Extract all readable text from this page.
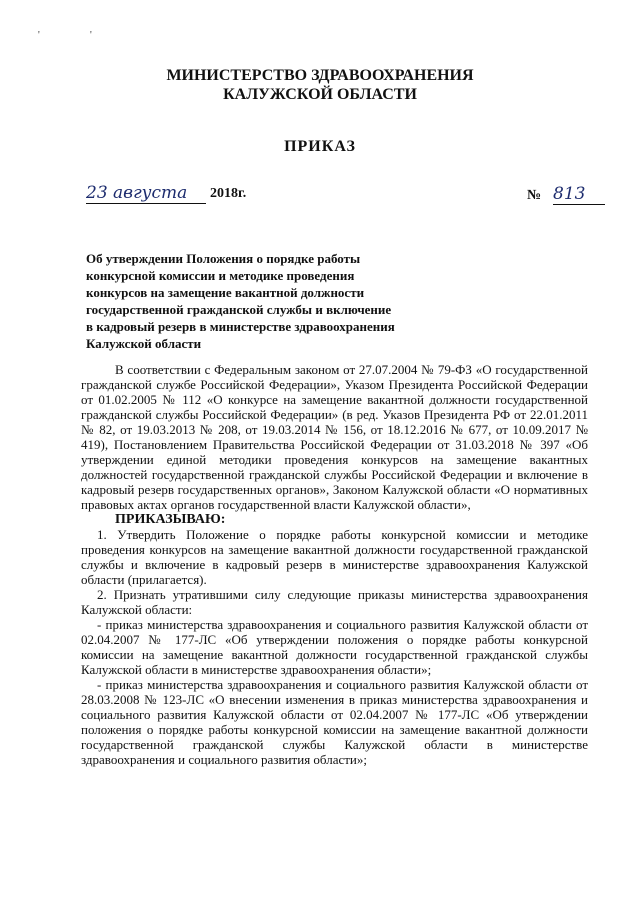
'	'
МИНИСТЕРСТВО ЗДРАВООХРАНЕНИЯ
КАЛУЖСКОЙ ОБЛАСТИ
ПРИКАЗ
23 августа	2018г.	№ 813
Об утверждении Положения о порядке работы конкурсной комиссии и методике проведения конкурсов на замещение вакантной должности государственной гражданской службы и включение в кадровый резерв в министерстве здравоохранения Калужской области

В соответствии с Федеральным законом от 27.07.2004 № 79-ФЗ «О государственной гражданской службе Российской Федерации», Указом Президента Российской Федерации от 01.02.2005 № 112 «О конкурсе на замещение вакантной должности государственной гражданской службы Российской Федерации» (в ред. Указов Президента РФ от 22.01.2011 № 82, от 19.03.2013 № 208, от 19.03.2014 № 156, от 18.12.2016 № 677, от 10.09.2017 № 419), Постановлением Правительства Российской Федерации от 31.03.2018 № 397 «Об утверждении единой методики проведения конкурсов на замещение вакантных должностей государственной гражданской службы Российской Федерации и включение в кадровый резерв государственных органов», Законом Калужской области «О нормативных правовых актах органов государственной власти Калужской области»,

ПРИКАЗЫВАЮ:

1. Утвердить Положение о порядке работы конкурсной комиссии и методике проведения конкурсов на замещение вакантной должности государственной гражданской службы и включение в кадровый резерв в министерстве здравоохранения Калужской области (прилагается).

2. Признать утратившими силу следующие приказы министерства здравоохранения Калужской области:

- приказ министерства здравоохранения и социального развития Калужской области от 02.04.2007 № 177-ЛС «Об утверждении положения о порядке работы конкурсной комиссии на замещение вакантной должности государственной гражданской службы Калужской области в министерстве здравоохранения области»;

- приказ министерства здравоохранения и социального развития Калужской области от 28.03.2008 № 123-ЛС «О внесении изменения в приказ министерства здравоохранения и социального развития Калужской области от 02.04.2007 № 177-ЛС «Об утверждении положения о порядке работы конкурсной комиссии на замещение вакантной должности государственной гражданской службы Калужской области в министерстве здравоохранения и социального развития области»;
